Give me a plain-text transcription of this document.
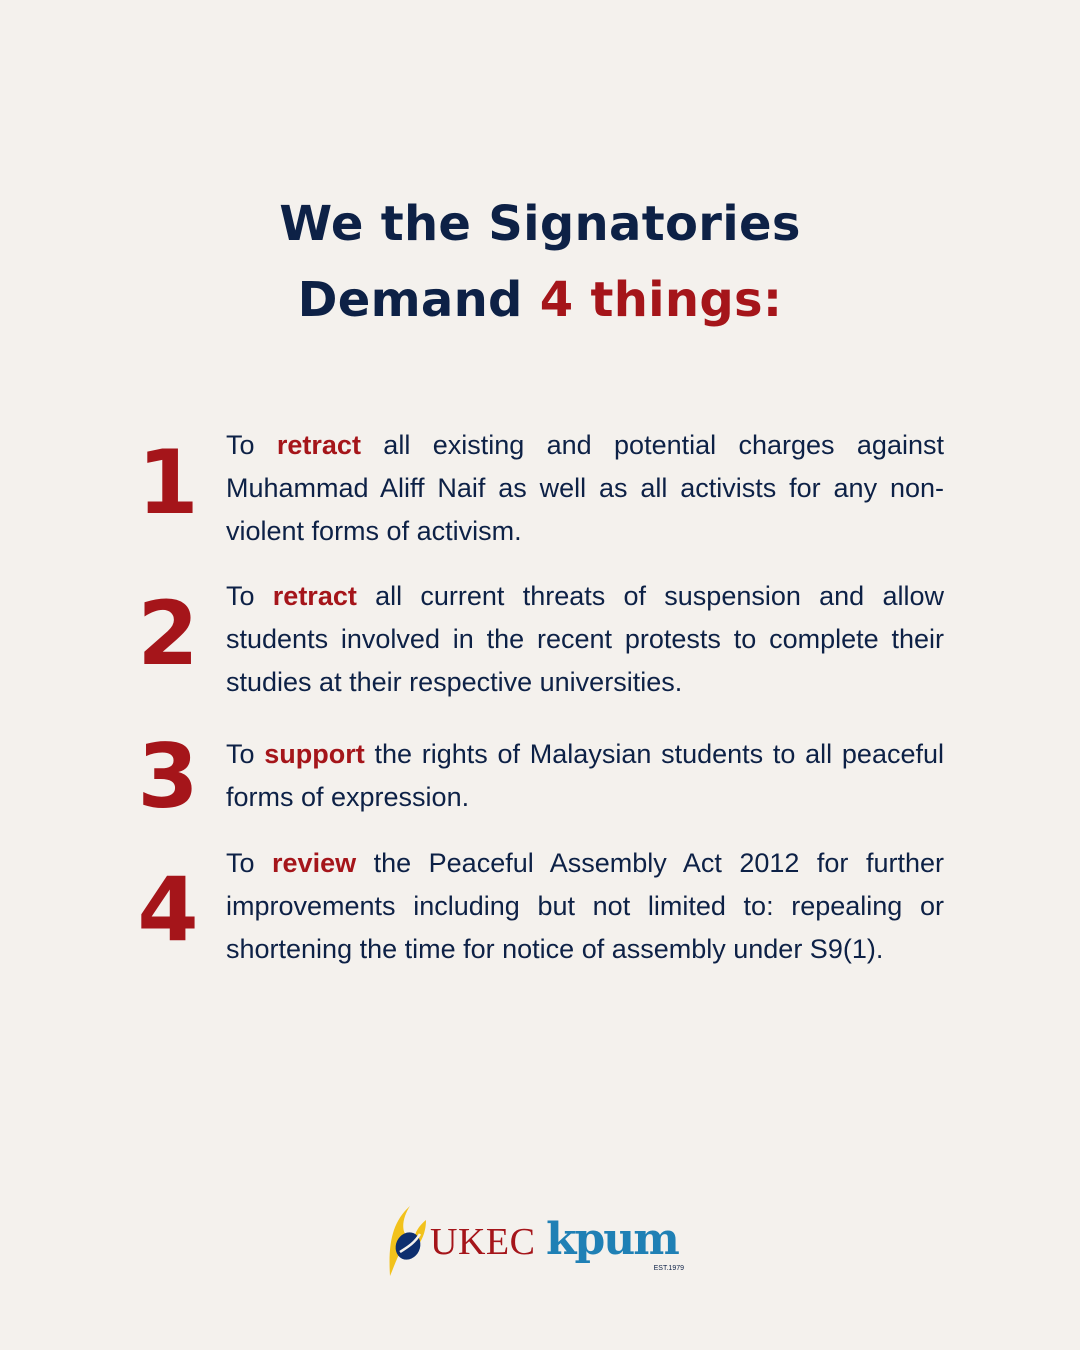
We the Signatories
Demand 4 things:
1	To retract all existing and potential charges against Muhammad Aliff Naif as well as all activists for any non-violent forms of activism.

2	To retract all current threats of suspension and allow students involved in the recent protests to complete their studies at their respective universities.

3	To support the rights of Malaysian students to all peaceful forms of expression.

4	To review the Peaceful Assembly Act 2012 for further improvements including but not limited to: repealing or shortening the time for notice of assembly under S9(1).

UKEC kpum
EST.1979
